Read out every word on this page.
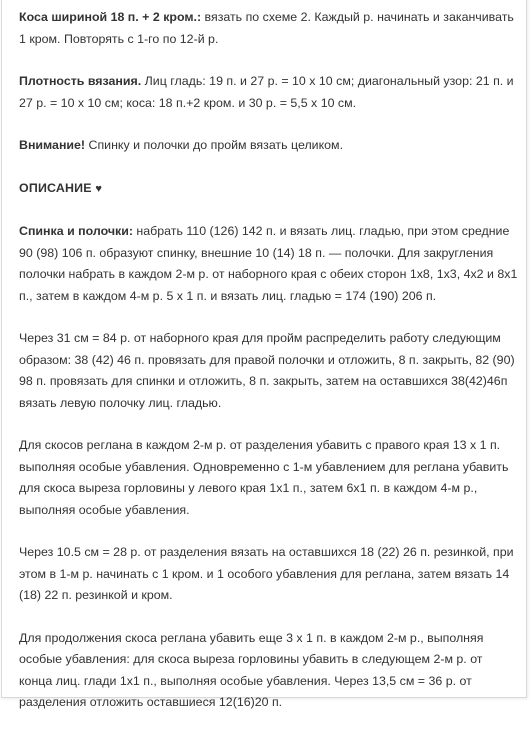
Коса шириной 18 п. + 2 кром.: вязать по схеме 2. Каждый р. начинать и заканчивать 1 кром. Повторять с 1-го по 12-й р.

Плотность вязания. Лиц гладь: 19 п. и 27 р. = 10 х 10 см; диагональный узор: 21 п. и 27 р. = 10 х 10 см; коса: 18 п.+2 кром. и 30 р. = 5,5 х 10 см.

Внимание! Спинку и полочки до пройм вязать целиком.

ОПИСАНИЕ ♥

Спинка и полочки: набрать 110 (126) 142 п. и вязать лиц. гладью, при этом средние 90 (98) 106 п. образуют спинку, внешние 10 (14) 18 п. — полочки. Для закругления полочки набрать в каждом 2-м р. от наборного края с обеих сторон 1х8, 1х3, 4х2 и 8х1 п., затем в каждом 4-м р. 5 х 1 п. и вязать лиц. гладью = 174 (190) 206 п.

Через 31 см = 84 р. от наборного края для пройм распределить работу следующим образом: 38 (42) 46 п. провязать для правой полочки и отложить, 8 п. закрыть, 82 (90) 98 п. провязать для спинки и отложить, 8 п. закрыть, затем на оставшихся 38(42)46п вязать левую полочку лиц. гладью.

Для скосов реглана в каждом 2-м р. от разделения убавить с правого края 13 х 1 п. выполняя особые убавления. Одновременно с 1-м убавлением для реглана убавить для скоса выреза горловины у левого края 1х1 п., затем 6х1 п. в каждом 4-м р., выполняя особые убавления.

Через 10.5 см = 28 р. от разделения вязать на оставшихся 18 (22) 26 п. резинкой, при этом в 1-м р. начинать с 1 кром. и 1 особого убавления для реглана, затем вязать 14 (18) 22 п. резинкой и кром.

Для продолжения скоса реглана убавить еще 3 х 1 п. в каждом 2-м р., выполняя особые убавления: для скоса выреза горловины убавить в следующем 2-м р. от конца лиц. глади 1х1 п., выполняя особые убавления. Через 13,5 см = 36 р. от разделения отложить оставшиеся 12(16)20 п.
